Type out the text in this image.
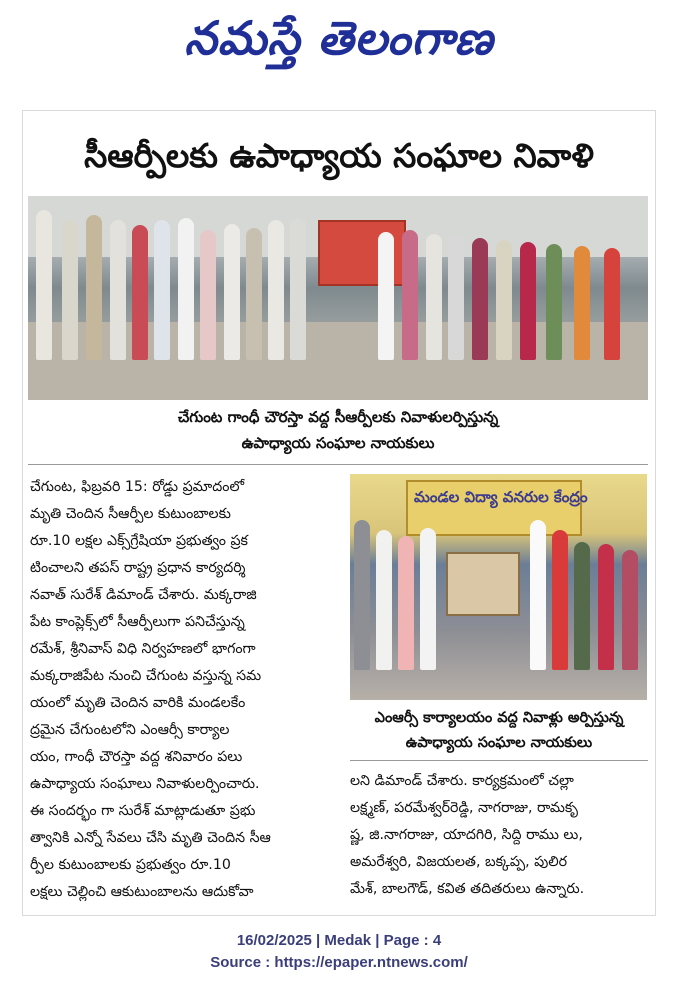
నమస్తే తెలంగాణ
సీఆర్పీలకు ఉపాధ్యాయ సంఘాల నివాళి
చేగుంట గాంధీ చౌరస్తా వద్ద సీఆర్పీలకు నివాళులర్పిస్తున్న
ఉపాధ్యాయ సంఘాల నాయకులు
చేగుంట, ఫిబ్రవరి 15: రోడ్డు ప్రమాదంలో
మృతి చెందిన సీఆర్పీల కుటుంబాలకు
రూ.10 లక్షల ఎక్స్‌గ్రేషియా ప్రభుత్వం ప్రక
టించాలని తపస్ రాష్ట్ర ప్రధాన కార్యదర్శి
నవాత్ సురేశ్ డిమాండ్ చేశారు. మక్కరాజి
పేట కాంప్లెక్స్‌లో సీఆర్పీలుగా పనిచేస్తున్న
రమేశ్, శ్రీనివాస్ విధి నిర్వహణలో భాగంగా
మక్కరాజిపేట నుంచి చేగుంట వస్తున్న సమ
యంలో మృతి చెందిన వారికి మండలకేం
ద్రమైన చేగుంటలోని ఎంఆర్సీ కార్యాల
యం, గాంధీ చౌరస్తా వద్ద శనివారం పలు
ఉపాధ్యాయ సంఘాలు నివాళులర్పించారు.
ఈ సందర్భం గా సురేశ్ మాట్లాడుతూ ప్రభు
త్వానికి ఎన్నో సేవలు చేసి మృతి చెందిన సీఆ
ర్పీల కుటుంబాలకు ప్రభుత్వం రూ.10
లక్షలు చెల్లించి ఆకుటుంబాలను ఆదుకోవా
మండల విద్యా వనరుల కేంద్రం
ఎంఆర్సీ కార్యాలయం వద్ద నివాళ్లు అర్పిస్తున్న
ఉపాధ్యాయ సంఘాల నాయకులు
లని డిమాండ్ చేశారు. కార్యక్రమంలో చల్లా
లక్ష్మణ్, పరమేశ్వర్‌రెడ్డి, నాగరాజు, రామకృ
ష్ణ, జి.నాగరాజు, యాదగిరి, సిద్ది రాము లు,
అమరేశ్వరి, విజయలత, బక్కప్ప, పులిర
మేశ్, బాలగౌడ్, కవిత తదితరులు ఉన్నారు.
16/02/2025 | Medak | Page : 4
Source : https://epaper.ntnews.com/
